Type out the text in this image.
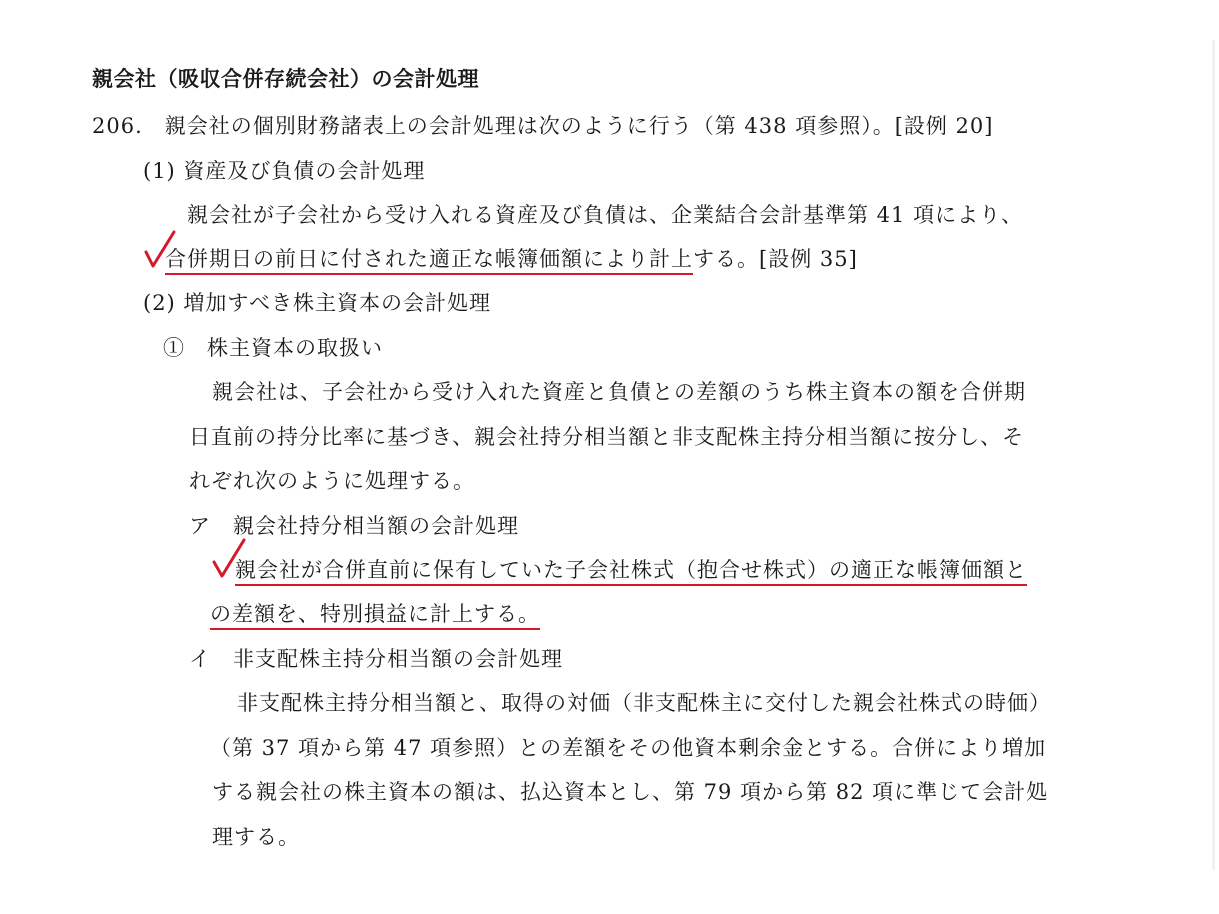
親会社（吸収合併存続会社）の会計処理
206.　親会社の個別財務諸表上の会計処理は次のように行う（第 438 項参照）。[設例 20]
(1) 資産及び負債の会計処理
親会社が子会社から受け入れる資産及び負債は、企業結合会計基準第 41 項により、
合併期日の前日に付された適正な帳簿価額により計上する。[設例 35]
(2) 増加すべき株主資本の会計処理
①　株主資本の取扱い
親会社は、子会社から受け入れた資産と負債との差額のうち株主資本の額を合併期
日直前の持分比率に基づき、親会社持分相当額と非支配株主持分相当額に按分し、そ
れぞれ次のように処理する。
ア　親会社持分相当額の会計処理
親会社が合併直前に保有していた子会社株式（抱合せ株式）の適正な帳簿価額と
の差額を、特別損益に計上する。
イ　非支配株主持分相当額の会計処理
非支配株主持分相当額と、取得の対価（非支配株主に交付した親会社株式の時価）
（第 37 項から第 47 項参照）との差額をその他資本剰余金とする。合併により増加
する親会社の株主資本の額は、払込資本とし、第 79 項から第 82 項に準じて会計処
理する。
